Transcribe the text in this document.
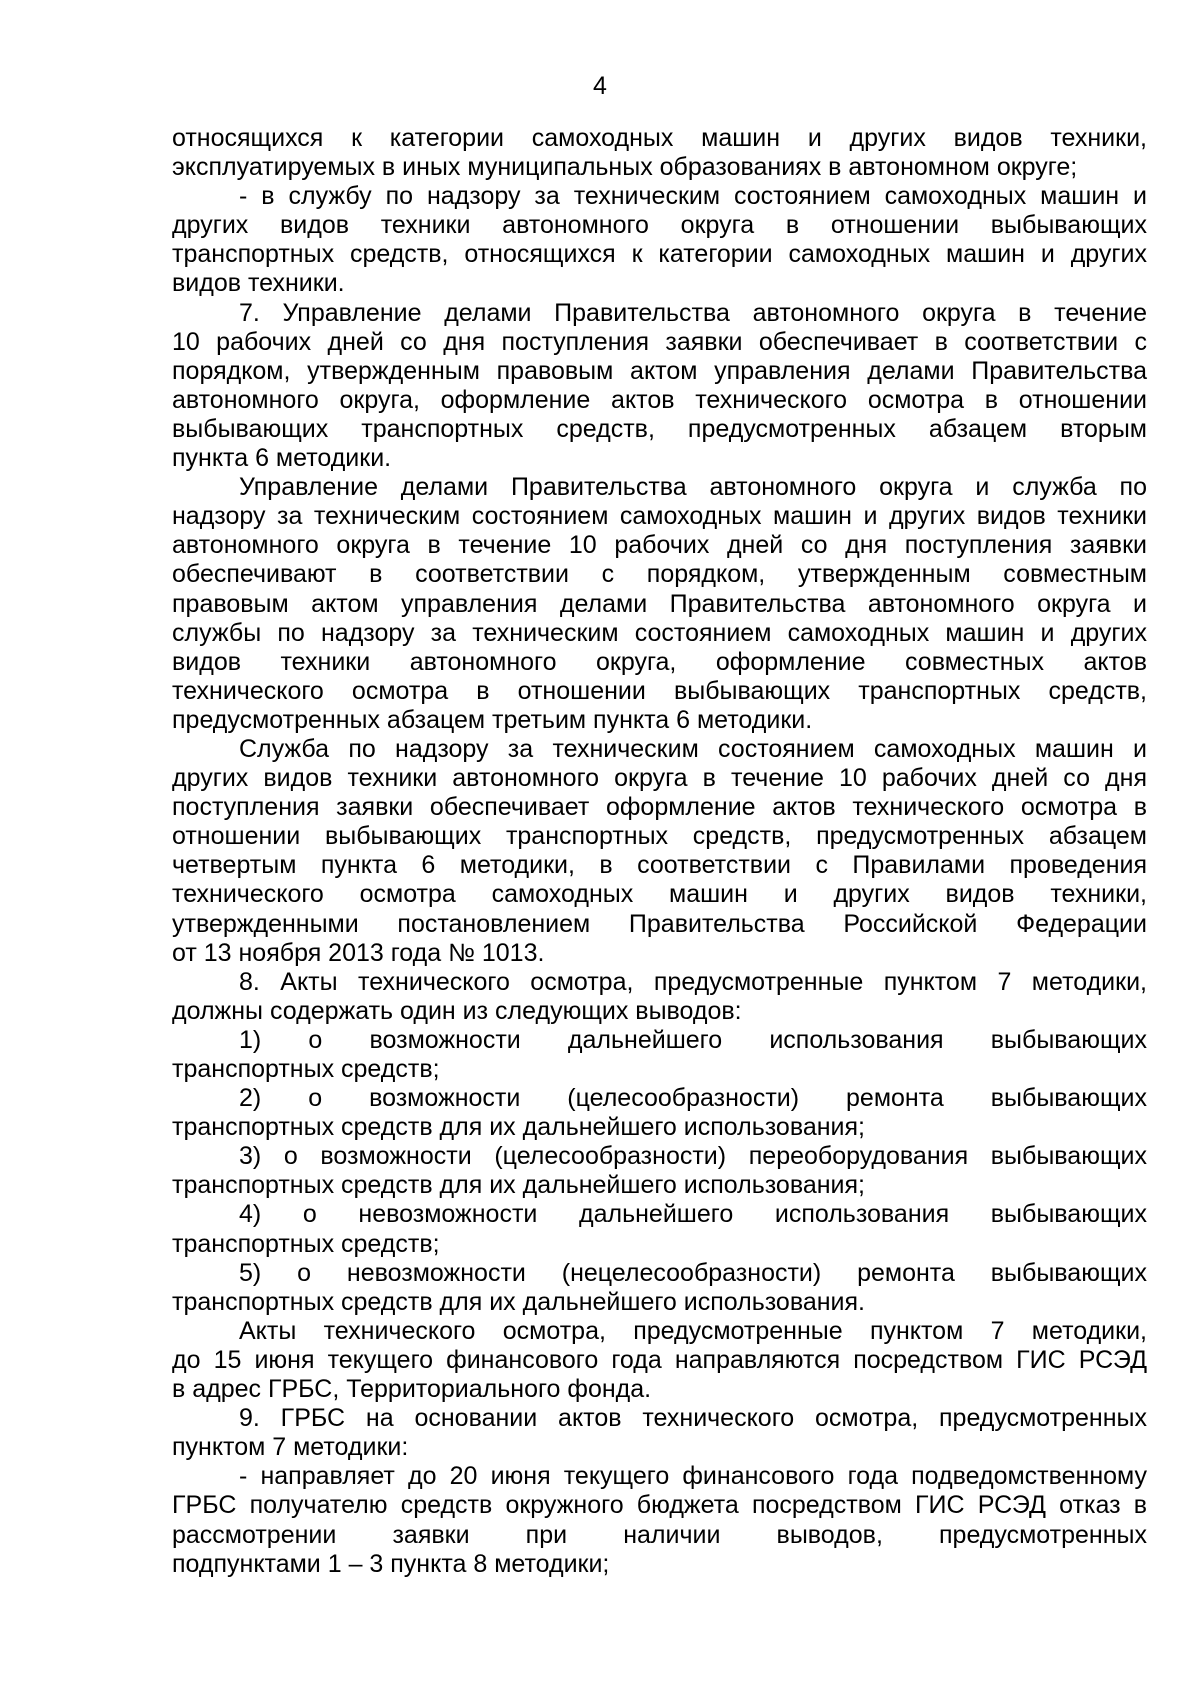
4
относящихся к категории самоходных машин и других видов техники,
эксплуатируемых в иных муниципальных образованиях в автономном округе;
- в службу по надзору за техническим состоянием самоходных машин и
других видов техники автономного округа в отношении выбывающих
транспортных средств, относящихся к категории самоходных машин и других
видов техники.
7. Управление делами Правительства автономного округа в течение
10 рабочих дней со дня поступления заявки обеспечивает в соответствии с
порядком, утвержденным правовым актом управления делами Правительства
автономного округа, оформление актов технического осмотра в отношении
выбывающих транспортных средств, предусмотренных абзацем вторым
пункта 6 методики.
Управление делами Правительства автономного округа и служба по
надзору за техническим состоянием самоходных машин и других видов техники
автономного округа в течение 10 рабочих дней со дня поступления заявки
обеспечивают в соответствии с порядком, утвержденным совместным
правовым актом управления делами Правительства автономного округа и
службы по надзору за техническим состоянием самоходных машин и других
видов техники автономного округа, оформление совместных актов
технического осмотра в отношении выбывающих транспортных средств,
предусмотренных абзацем третьим пункта 6 методики.
Служба по надзору за техническим состоянием самоходных машин и
других видов техники автономного округа в течение 10 рабочих дней со дня
поступления заявки обеспечивает оформление актов технического осмотра в
отношении выбывающих транспортных средств, предусмотренных абзацем
четвертым пункта 6 методики, в соответствии с Правилами проведения
технического осмотра самоходных машин и других видов техники,
утвержденными постановлением Правительства Российской Федерации
от 13 ноября 2013 года № 1013.
8. Акты технического осмотра, предусмотренные пунктом 7 методики,
должны содержать один из следующих выводов:
1) о возможности дальнейшего использования выбывающих
транспортных средств;
2) о возможности (целесообразности) ремонта выбывающих
транспортных средств для их дальнейшего использования;
3) о возможности (целесообразности) переоборудования выбывающих
транспортных средств для их дальнейшего использования;
4) о невозможности дальнейшего использования выбывающих
транспортных средств;
5) о невозможности (нецелесообразности) ремонта выбывающих
транспортных средств для их дальнейшего использования.
Акты технического осмотра, предусмотренные пунктом 7 методики,
до 15 июня текущего финансового года направляются посредством ГИС РСЭД
в адрес ГРБС, Территориального фонда.
9. ГРБС на основании актов технического осмотра, предусмотренных
пунктом 7 методики:
- направляет до 20 июня текущего финансового года подведомственному
ГРБС получателю средств окружного бюджета посредством ГИС РСЭД отказ в
рассмотрении заявки при наличии выводов, предусмотренных
подпунктами 1 – 3 пункта 8 методики;
